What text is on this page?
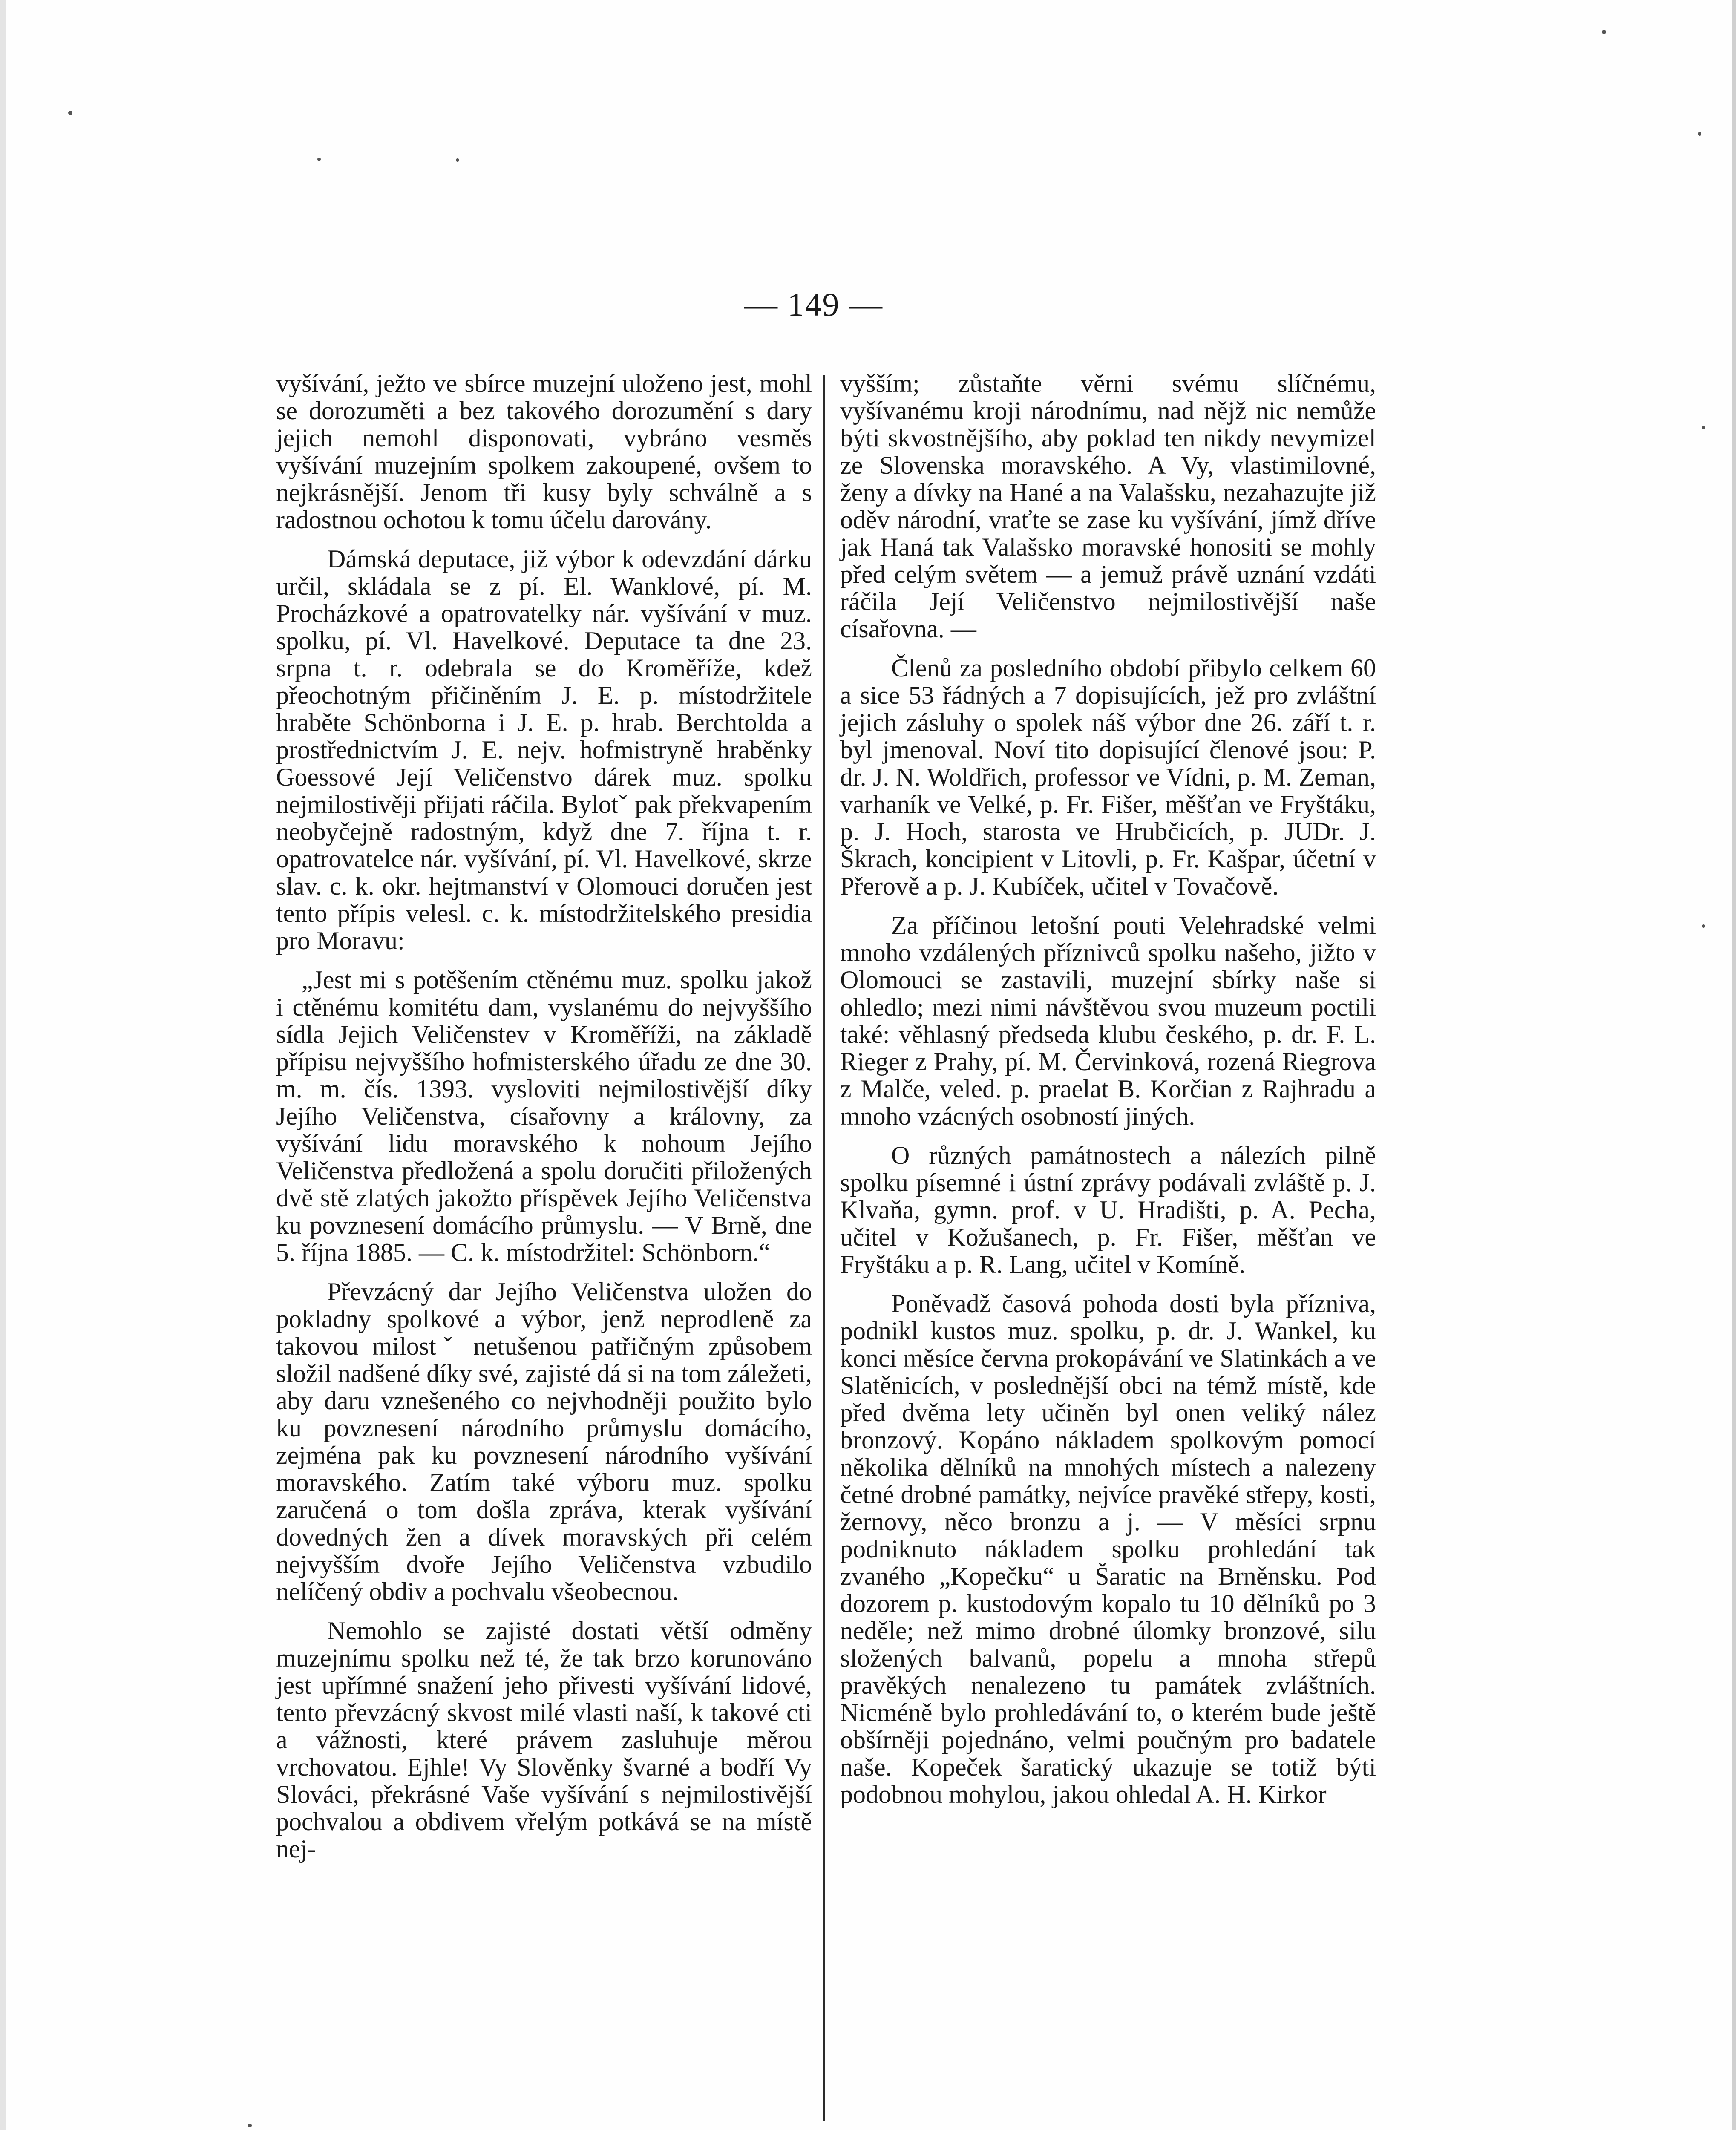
— 149 —

vyšívání, ježto ve sbírce muzejní uloženo jest, mohl se dorozuměti a bez takového dorozumění s dary jejich nemohl disponovati, vybráno vesměs vyšívání muzejním spolkem zakoupené, ovšem to nejkrásnější. Jenom tři kusy byly schválně a s radostnou ochotou k tomu účelu darovány.

Dámská deputace, již výbor k odevzdání dárku určil, skládala se z pí. El. Wanklové, pí. M. Procházkové a opatrovatelky nár. vyšívání v muz. spolku, pí. Vl. Havelkové. Deputace ta dne 23. srpna t. r. odebrala se do Kroměříže, kdež přeochotným přičiněním J. E. p. místodržitele hraběte Schönborna i J. E. p. hrab. Berchtolda a prostřednictvím J. E. nejv. hofmistryně hraběnky Goessové Její Veličenstvo dárek muz. spolku nejmilostivěji přijati ráčila. Bylotˇ pak překvapením neobyčejně radostným, když dne 7. října t. r. opatrovatelce nár. vyšívání, pí. Vl. Havelkové, skrze slav. c. k. okr. hejtmanství v Olomouci doručen jest tento přípis velesl. c. k. místodržitelského presidia pro Moravu:

„Jest mi s potěšením ctěnému muz. spolku jakož i ctěnému komitétu dam, vyslanému do nejvyššího sídla Jejich Veličenstev v Kroměříži, na základě přípisu nejvyššího hofmisterského úřadu ze dne 30. m. m. čís. 1393. vysloviti nejmilostivější díky Jejího Veličenstva, císařovny a královny, za vyšívání lidu moravského k nohoum Jejího Veličenstva předložená a spolu doručiti přiložených dvě stě zlatých jakožto příspěvek Jejího Veličenstva ku povznesení domácího průmyslu. — V Brně, dne 5. října 1885. — C. k. místodržitel: Schönborn.“

Převzácný dar Jejího Veličenstva uložen do pokladny spolkové a výbor, jenž neprodleně za takovou milostˇ netušenou patřičným způsobem složil nadšené díky své, zajisté dá si na tom záležeti, aby daru vznešeného co nejvhodněji použito bylo ku povznesení národního průmyslu domácího, zejména pak ku povznesení národního vyšívání moravského. Zatím také výboru muz. spolku zaručená o tom došla zpráva, kterak vyšívání dovedných žen a dívek moravských při celém nejvyšším dvoře Jejího Veličenstva vzbudilo nelíčený obdiv a pochvalu všeobecnou.

Nemohlo se zajisté dostati větší odměny muzejnímu spolku než té, že tak brzo korunováno jest upřímné snažení jeho přivesti vyšívání lidové, tento převzácný skvost milé vlasti naší, k takové cti a vážnosti, které právem zasluhuje měrou vrchovatou. Ejhle! Vy Slověnky švarné a bodří Vy Slováci, překrásné Vaše vyšívání s nejmilostivější pochvalou a obdivem vřelým potkává se na místě nej-

vyšším; zůstaňte věrni svému slíčnému, vyšívanému kroji národnímu, nad nějž nic nemůže býti skvostnějšího, aby poklad ten nikdy nevymizel ze Slovenska moravského. A Vy, vlastimilovné, ženy a dívky na Hané a na Valašsku, nezahazujte již oděv národní, vraťte se zase ku vyšívání, jímž dříve jak Haná tak Valašsko moravské honositi se mohly před celým světem — a jemuž právě uznání vzdáti ráčila Její Veličenstvo nejmilostivější naše císařovna. —

Členů za posledního období přibylo celkem 60 a sice 53 řádných a 7 dopisujících, jež pro zvláštní jejich zásluhy o spolek náš výbor dne 26. září t. r. byl jmenoval. Noví tito dopisující členové jsou: P. dr. J. N. Woldřich, professor ve Vídni, p. M. Zeman, varhaník ve Velké, p. Fr. Fišer, měšťan ve Fryštáku, p. J. Hoch, starosta ve Hrubčicích, p. JUDr. J. Škrach, koncipient v Litovli, p. Fr. Kašpar, účetní v Přerově a p. J. Kubíček, učitel v Tovačově.

Za příčinou letošní pouti Velehradské velmi mnoho vzdálených příznivců spolku našeho, jižto v Olomouci se zastavili, muzejní sbírky naše si ohledlo; mezi nimi návštěvou svou muzeum poctili také: věhlasný předseda klubu českého, p. dr. F. L. Rieger z Prahy, pí. M. Červinková, rozená Riegrova z Malče, veled. p. praelat B. Korčian z Rajhradu a mnoho vzácných osobností jiných.

O různých památnostech a nálezích pilně spolku písemné i ústní zprávy podávali zvláště p. J. Klvaňa, gymn. prof. v U. Hradišti, p. A. Pecha, učitel v Kožušanech, p. Fr. Fišer, měšťan ve Fryštáku a p. R. Lang, učitel v Komíně.

Poněvadž časová pohoda dosti byla příznivа, podnikl kustos muz. spolku, p. dr. J. Wankel, ku konci měsíce června prokopávání ve Slatinkách a ve Slatěnicích, v poslednější obci na témž místě, kde před dvěma lety učiněn byl onen veliký nález bronzový. Kopáno nákladem spolkovým pomocí několika dělníků na mnohých místech a nalezeny četné drobné památky, nejvíce pravěké střepy, kosti, žernovy, něco bronzu a j. — V měsíci srpnu podniknuto nákladem spolku prohledání tak zvaného „Kopečku“ u Šaratic na Brněnsku. Pod dozorem p. kustodovým kopalo tu 10 dělníků po 3 neděle; než mimo drobné úlomky bronzové, silu složených balvanů, popelu a mnoha střepů pravěkých nenalezeno tu památek zvláštních. Nicméně bylo prohledávání to, o kterém bude ještě obšírněji pojednáno, velmi poučným pro badatele naše. Kopeček šaratický ukazuje se totiž býti podobnou mohylou, jakou ohledal A. H. Kirkor
